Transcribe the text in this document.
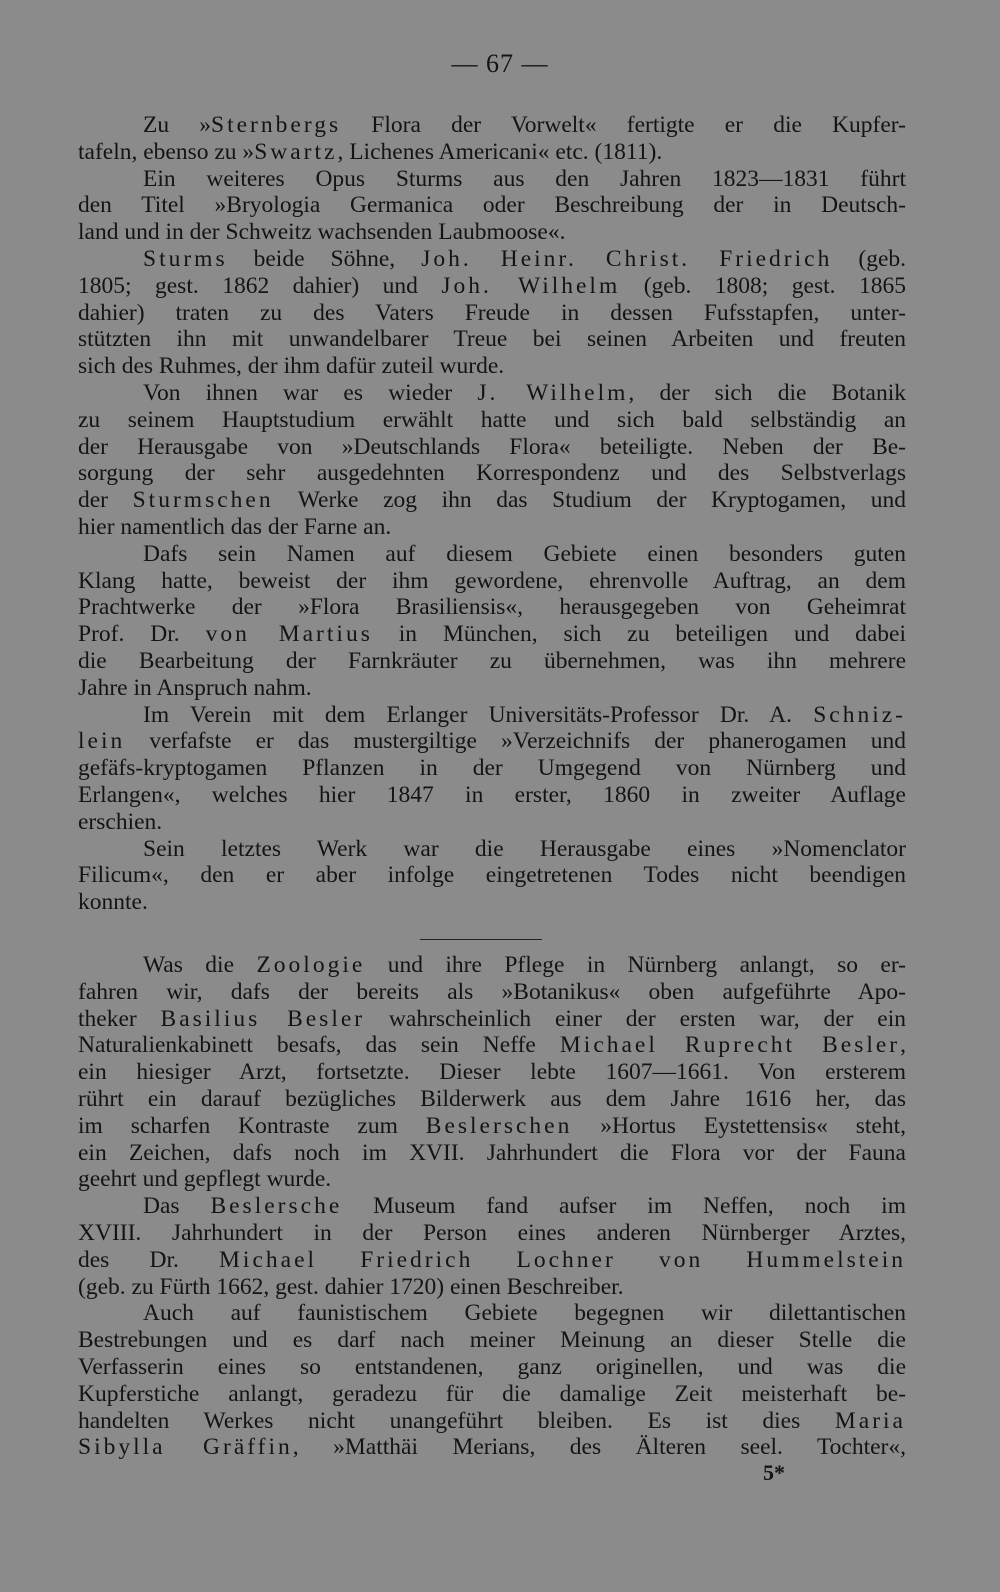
— 67 —
Zu »Sternbergs Flora der Vorwelt« fertigte er die Kupfer-
tafeln, ebenso zu »Swartz, Lichenes Americani« etc. (1811).
Ein weiteres Opus Sturms aus den Jahren 1823—1831 führt
den Titel »Bryologia Germanica oder Beschreibung der in Deutsch-
land und in der Schweitz wachsenden Laubmoose«.
Sturms beide Söhne, Joh. Heinr. Christ. Friedrich (geb.
1805; gest. 1862 dahier) und Joh. Wilhelm (geb. 1808; gest. 1865
dahier) traten zu des Vaters Freude in dessen Fufsstapfen, unter-
stützten ihn mit unwandelbarer Treue bei seinen Arbeiten und freuten
sich des Ruhmes, der ihm dafür zuteil wurde.
Von ihnen war es wieder J. Wilhelm, der sich die Botanik
zu seinem Hauptstudium erwählt hatte und sich bald selbständig an
der Herausgabe von »Deutschlands Flora« beteiligte. Neben der Be-
sorgung der sehr ausgedehnten Korrespondenz und des Selbstverlags
der Sturmschen Werke zog ihn das Studium der Kryptogamen, und
hier namentlich das der Farne an.
Dafs sein Namen auf diesem Gebiete einen besonders guten
Klang hatte, beweist der ihm gewordene, ehrenvolle Auftrag, an dem
Prachtwerke der »Flora Brasiliensis«, herausgegeben von Geheimrat
Prof. Dr. von Martius in München, sich zu beteiligen und dabei
die Bearbeitung der Farnkräuter zu übernehmen, was ihn mehrere
Jahre in Anspruch nahm.
Im Verein mit dem Erlanger Universitäts-Professor Dr. A. Schniz-
lein verfafste er das mustergiltige »Verzeichnifs der phanerogamen und
gefäfs-kryptogamen Pflanzen in der Umgegend von Nürnberg und
Erlangen«, welches hier 1847 in erster, 1860 in zweiter Auflage
erschien.
Sein letztes Werk war die Herausgabe eines »Nomenclator
Filicum«, den er aber infolge eingetretenen Todes nicht beendigen
konnte.
Was die Zoologie und ihre Pflege in Nürnberg anlangt, so er-
fahren wir, dafs der bereits als »Botanikus« oben aufgeführte Apo-
theker Basilius Besler wahrscheinlich einer der ersten war, der ein
Naturalienkabinett besafs, das sein Neffe Michael Ruprecht Besler,
ein hiesiger Arzt, fortsetzte. Dieser lebte 1607—1661. Von ersterem
rührt ein darauf bezügliches Bilderwerk aus dem Jahre 1616 her, das
im scharfen Kontraste zum Beslerschen »Hortus Eystettensis« steht,
ein Zeichen, dafs noch im XVII. Jahrhundert die Flora vor der Fauna
geehrt und gepflegt wurde.
Das Beslersche Museum fand aufser im Neffen, noch im
XVIII. Jahrhundert in der Person eines anderen Nürnberger Arztes,
des Dr. Michael Friedrich Lochner von Hummelstein
(geb. zu Fürth 1662, gest. dahier 1720) einen Beschreiber.
Auch auf faunistischem Gebiete begegnen wir dilettantischen
Bestrebungen und es darf nach meiner Meinung an dieser Stelle die
Verfasserin eines so entstandenen, ganz originellen, und was die
Kupferstiche anlangt, geradezu für die damalige Zeit meisterhaft be-
handelten Werkes nicht unangeführt bleiben. Es ist dies Maria
Sibylla Gräffin, »Matthäi Merians, des Älteren seel. Tochter«,
5*
